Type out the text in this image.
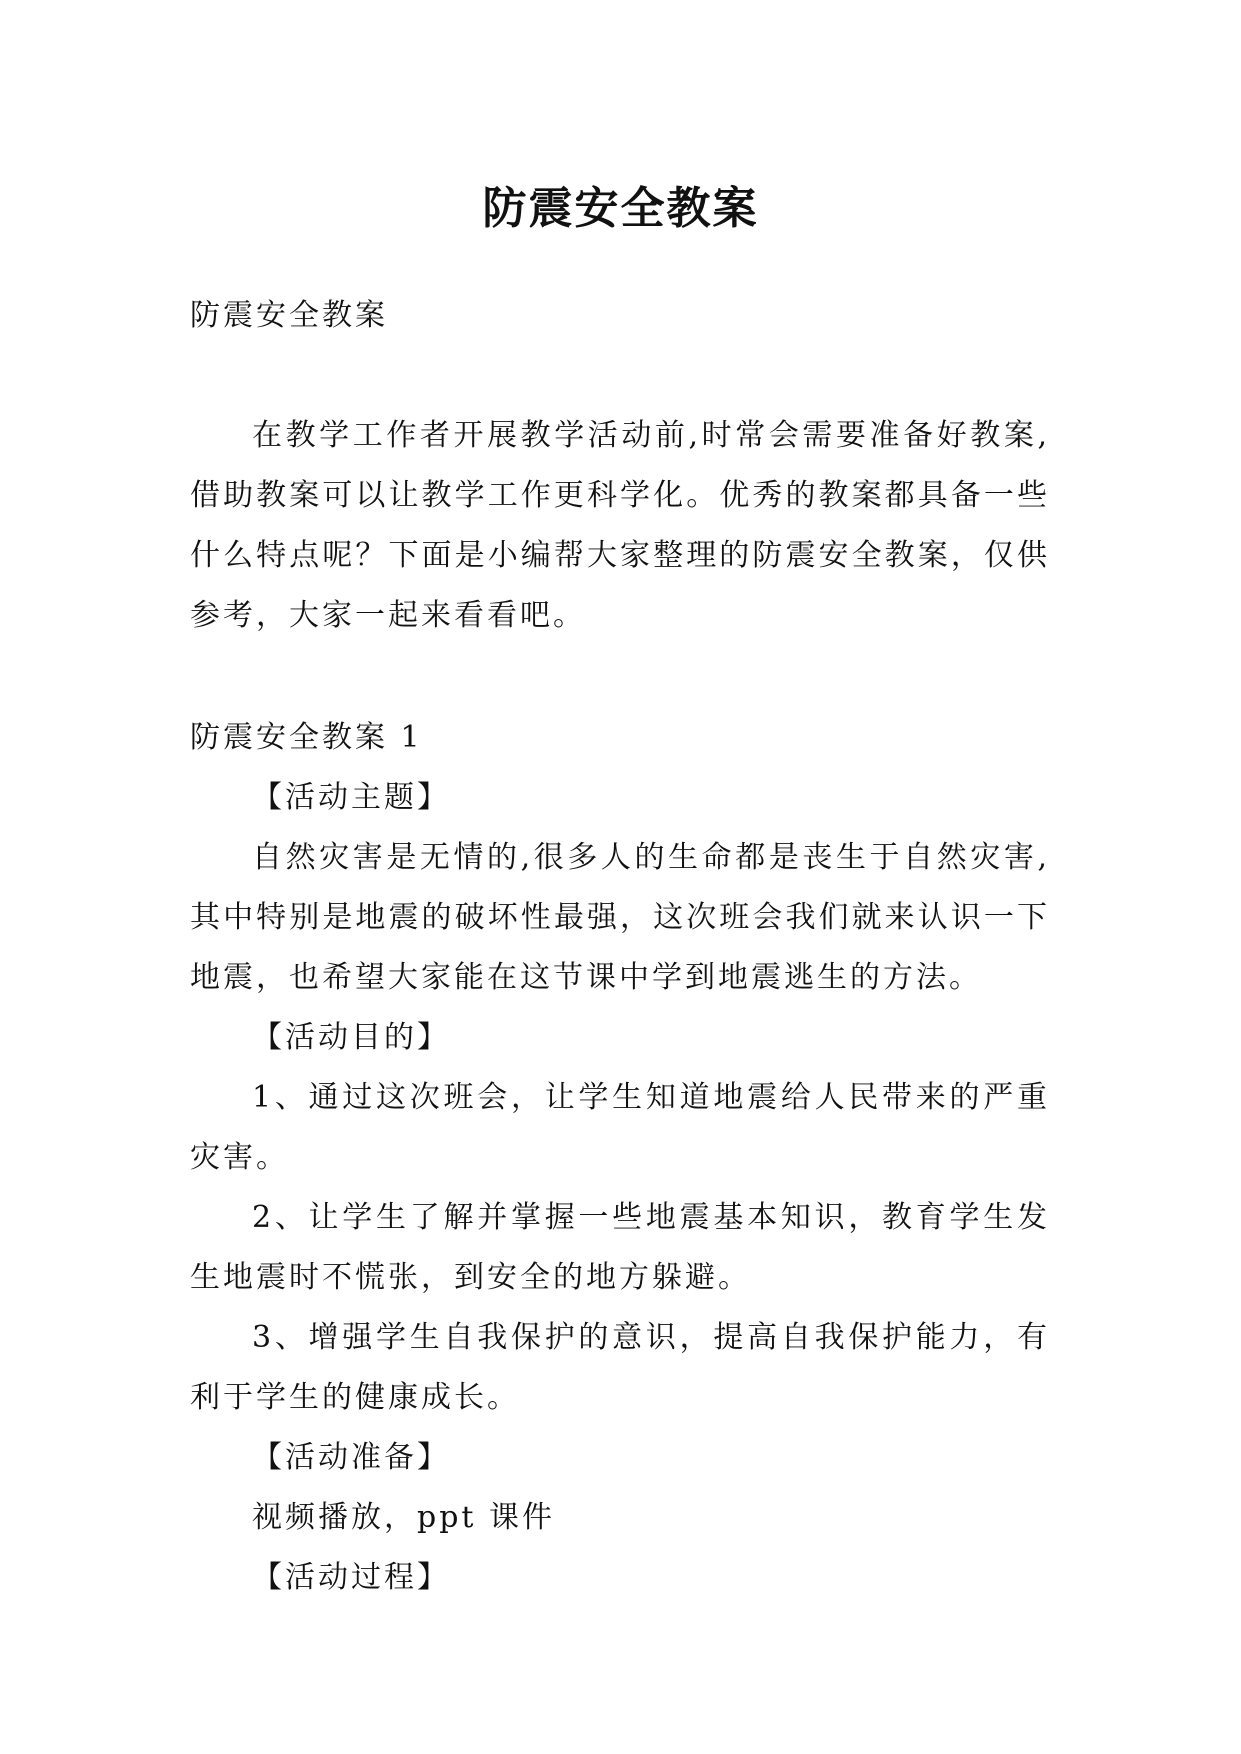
防震安全教案

防震安全教案

在教学工作者开展教学活动前,时常会需要准备好教案,借助教案可以让教学工作更科学化。优秀的教案都具备一些什么特点呢？下面是小编帮大家整理的防震安全教案，仅供参考，大家一起来看看吧。

防震安全教案 1

【活动主题】

自然灾害是无情的,很多人的生命都是丧生于自然灾害,其中特别是地震的破坏性最强，这次班会我们就来认识一下地震，也希望大家能在这节课中学到地震逃生的方法。

【活动目的】

1、通过这次班会，让学生知道地震给人民带来的严重灾害。

2、让学生了解并掌握一些地震基本知识，教育学生发生地震时不慌张，到安全的地方躲避。

3、增强学生自我保护的意识，提高自我保护能力，有利于学生的健康成长。

【活动准备】

视频播放，ppt 课件

【活动过程】
